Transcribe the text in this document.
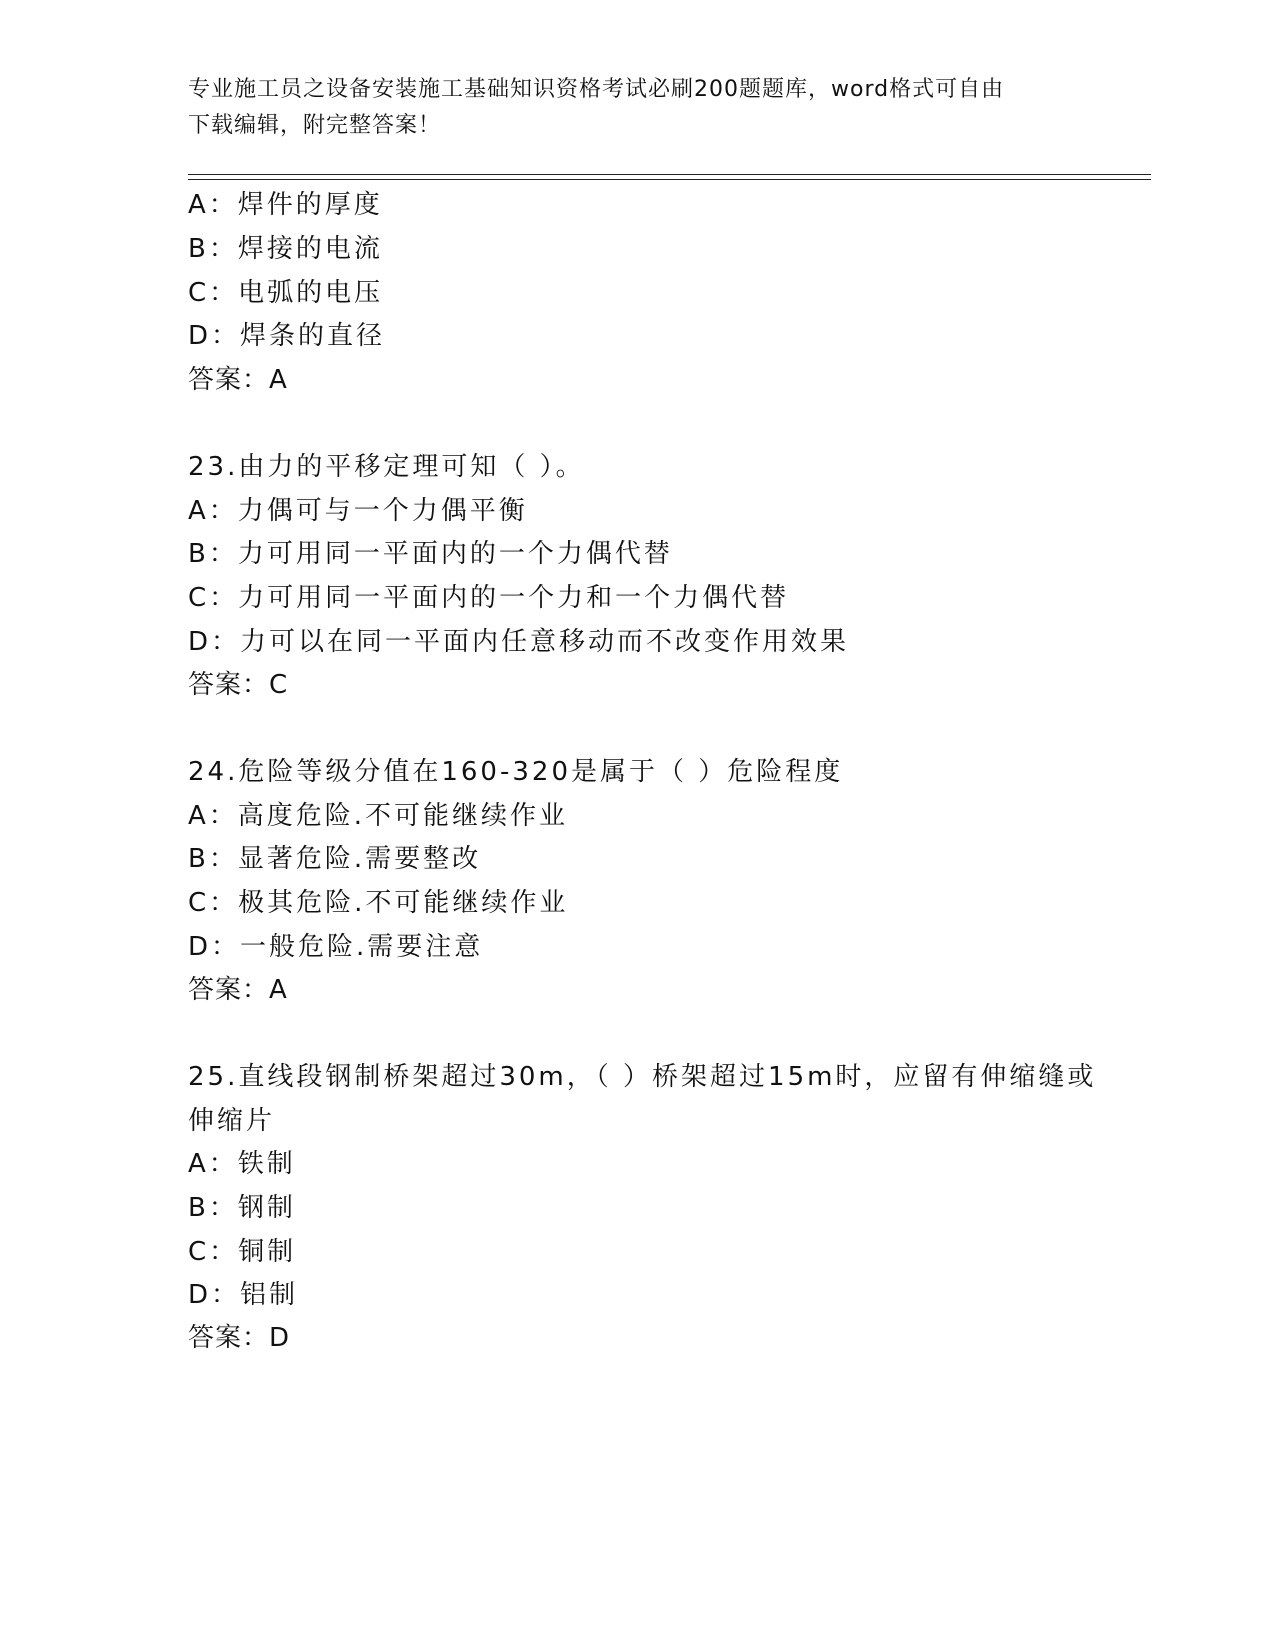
专业施工员之设备安装施工基础知识资格考试必刷200题题库，word格式可自由
下载编辑，附完整答案！
A：焊件的厚度
B：焊接的电流
C：电弧的电压
D：焊条的直径
答案：A
23.由力的平移定理可知（ ）。
A：力偶可与一个力偶平衡
B：力可用同一平面内的一个力偶代替
C：力可用同一平面内的一个力和一个力偶代替
D：力可以在同一平面内任意移动而不改变作用效果
答案：C
24.危险等级分值在160-320是属于（ ）危险程度
A：高度危险.不可能继续作业
B：显著危险.需要整改
C：极其危险.不可能继续作业
D：一般危险.需要注意
答案：A
25.直线段钢制桥架超过30m，（ ）桥架超过15m时，应留有伸缩缝或
伸缩片
A：铁制
B：钢制
C：铜制
D：铝制
答案：D
